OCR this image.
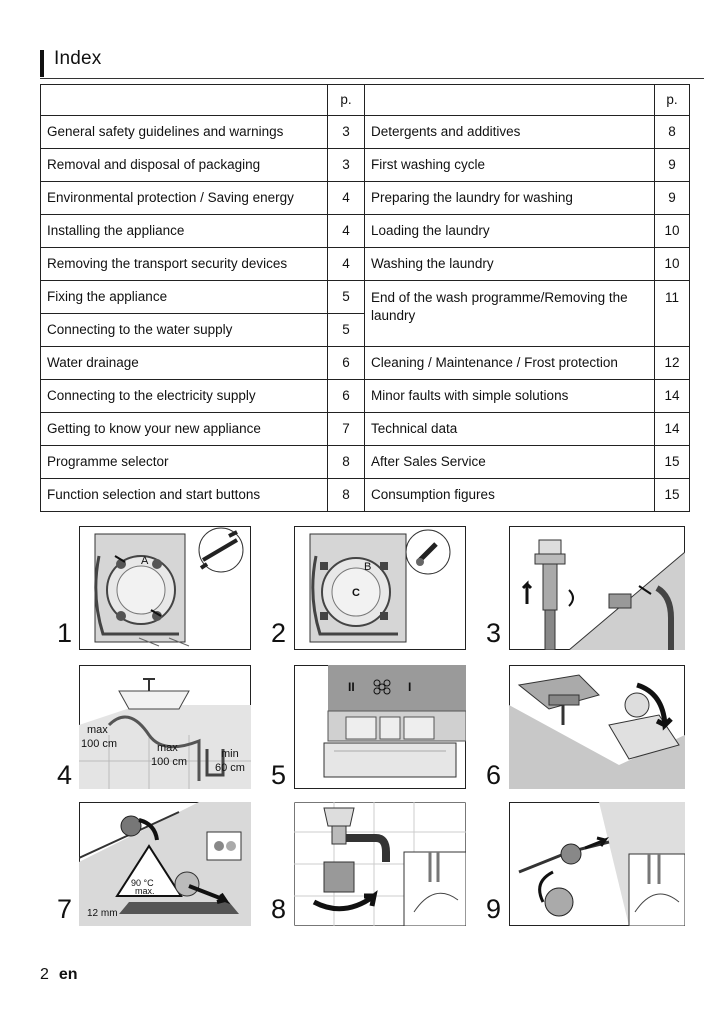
Index
	p.		p.
General safety guidelines and warnings	3	Detergents and additives	8
Removal and disposal of packaging	3	First washing cycle	9
Environmental protection / Saving energy	4	Preparing the laundry for washing	9
Installing the appliance	4	Loading the laundry	10
Removing the transport security devices	4	Washing the laundry	10
Fixing the appliance	5	End of the wash programme/Removing the laundry	11
Connecting to the water supply	5		
Water drainage	6	Cleaning / Maintenance / Frost protection	12
Connecting to the electricity supply	6	Minor faults with simple solutions	14
Getting to know your new appliance	7	Technical data	14
Programme selector	8	After Sales Service	15
Function selection and start buttons	8	Consumption figures	15
1
A
2
B
C
3
4
max
100 cm	max
100 cm
min
60 cm 5
II	I
6
7
90 °C
max.
12 mm	8	9
2 en
